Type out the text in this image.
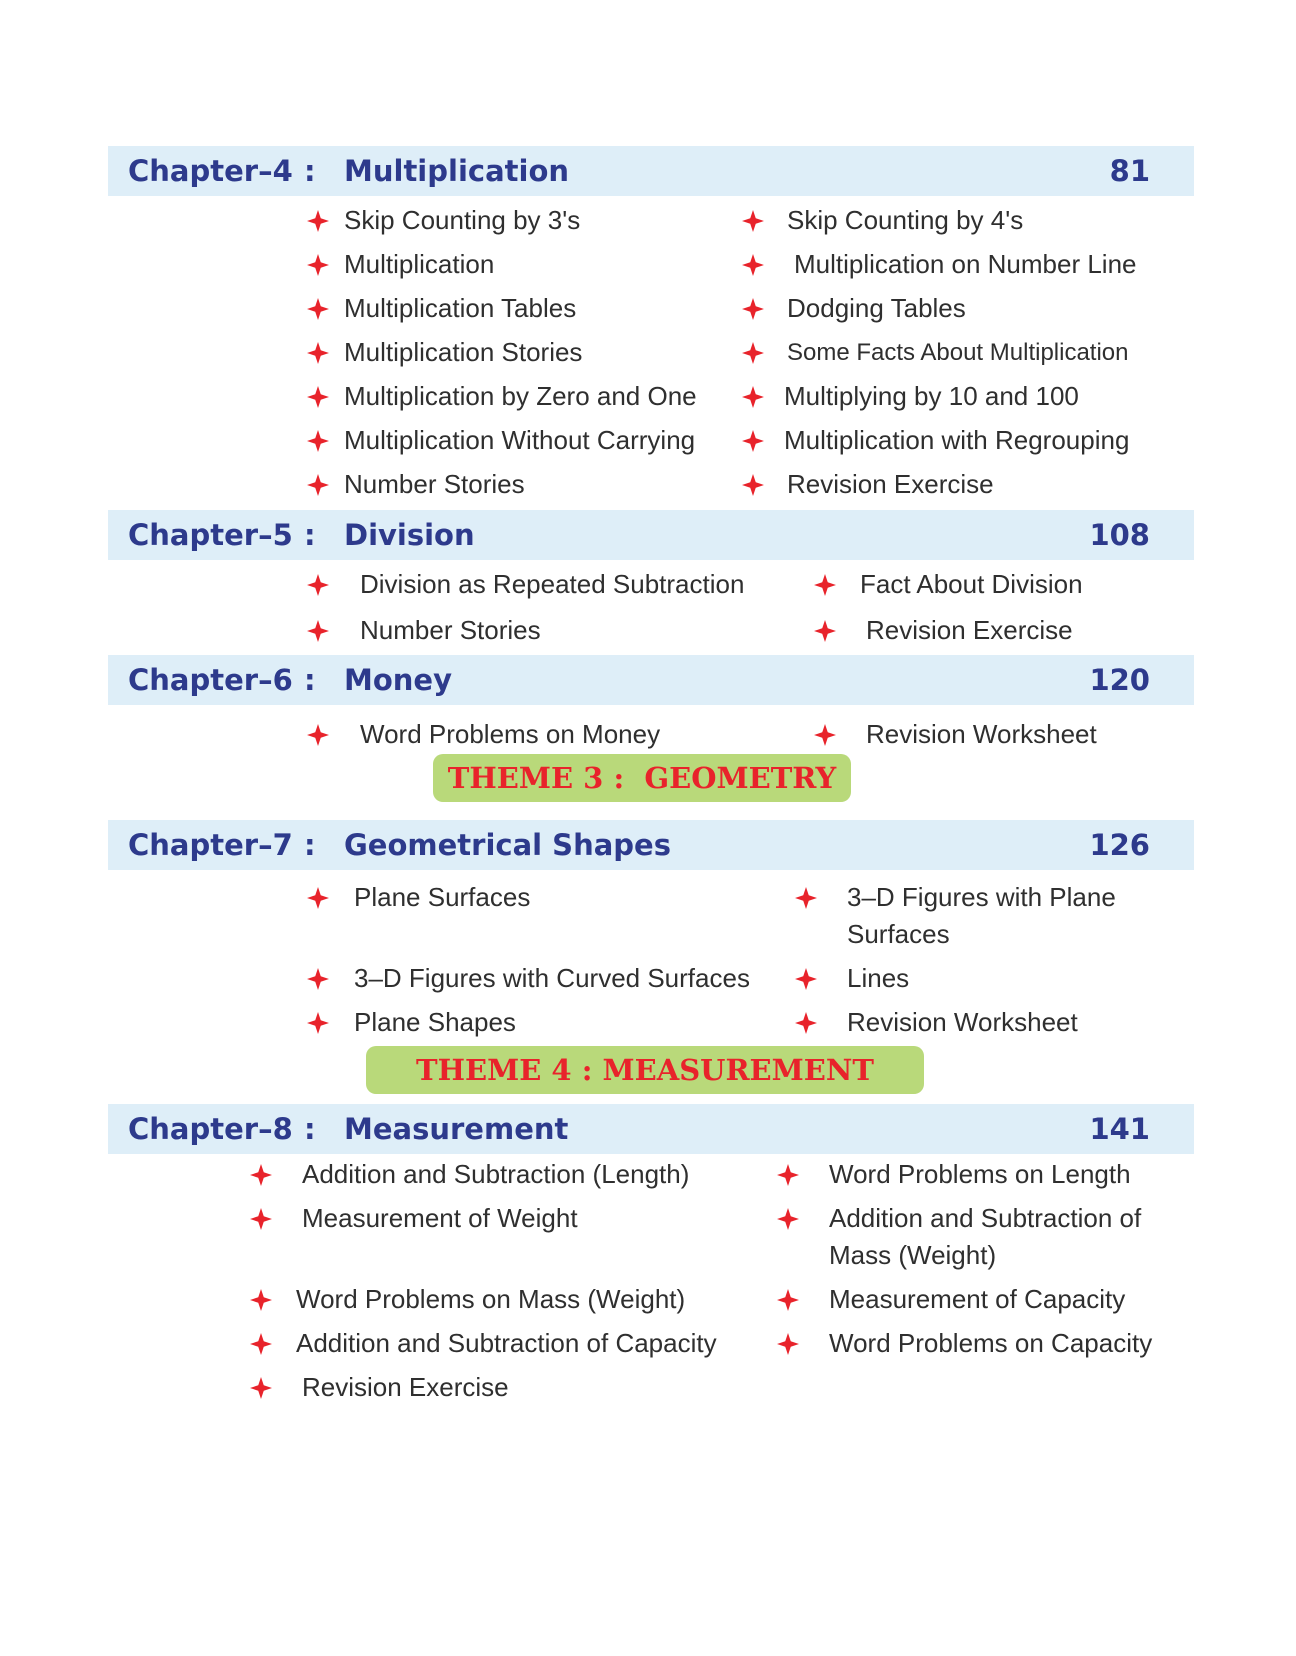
Chapter–4 : Multiplication	81
Skip Counting by 3's	Skip Counting by 4's
Multiplication	Multiplication on Number Line
Multiplication Tables	Dodging Tables
Multiplication Stories	Some Facts About Multiplication
Multiplication by Zero and One	Multiplying by 10 and 100
Multiplication Without Carrying	Multiplication with Regrouping
Number Stories	Revision Exercise
Chapter–5 : Division	108
Division as Repeated Subtraction	Fact About Division
Number Stories	Revision Exercise
Chapter–6 : Money	120
Word Problems on Money	Revision Worksheet
THEME 3 :  GEOMETRY
Chapter–7 : Geometrical Shapes	126
Plane Surfaces	3–D Figures with Plane
Surfaces
3–D Figures with Curved Surfaces	Lines
Plane Shapes	Revision Worksheet
THEME 4 : MEASUREMENT
Chapter–8 : Measurement	141
Addition and Subtraction (Length)	Word Problems on Length
Measurement of Weight	Addition and Subtraction of
Mass (Weight)
Word Problems on Mass (Weight)	Measurement of Capacity
Addition and Subtraction of Capacity	Word Problems on Capacity
Revision Exercise
